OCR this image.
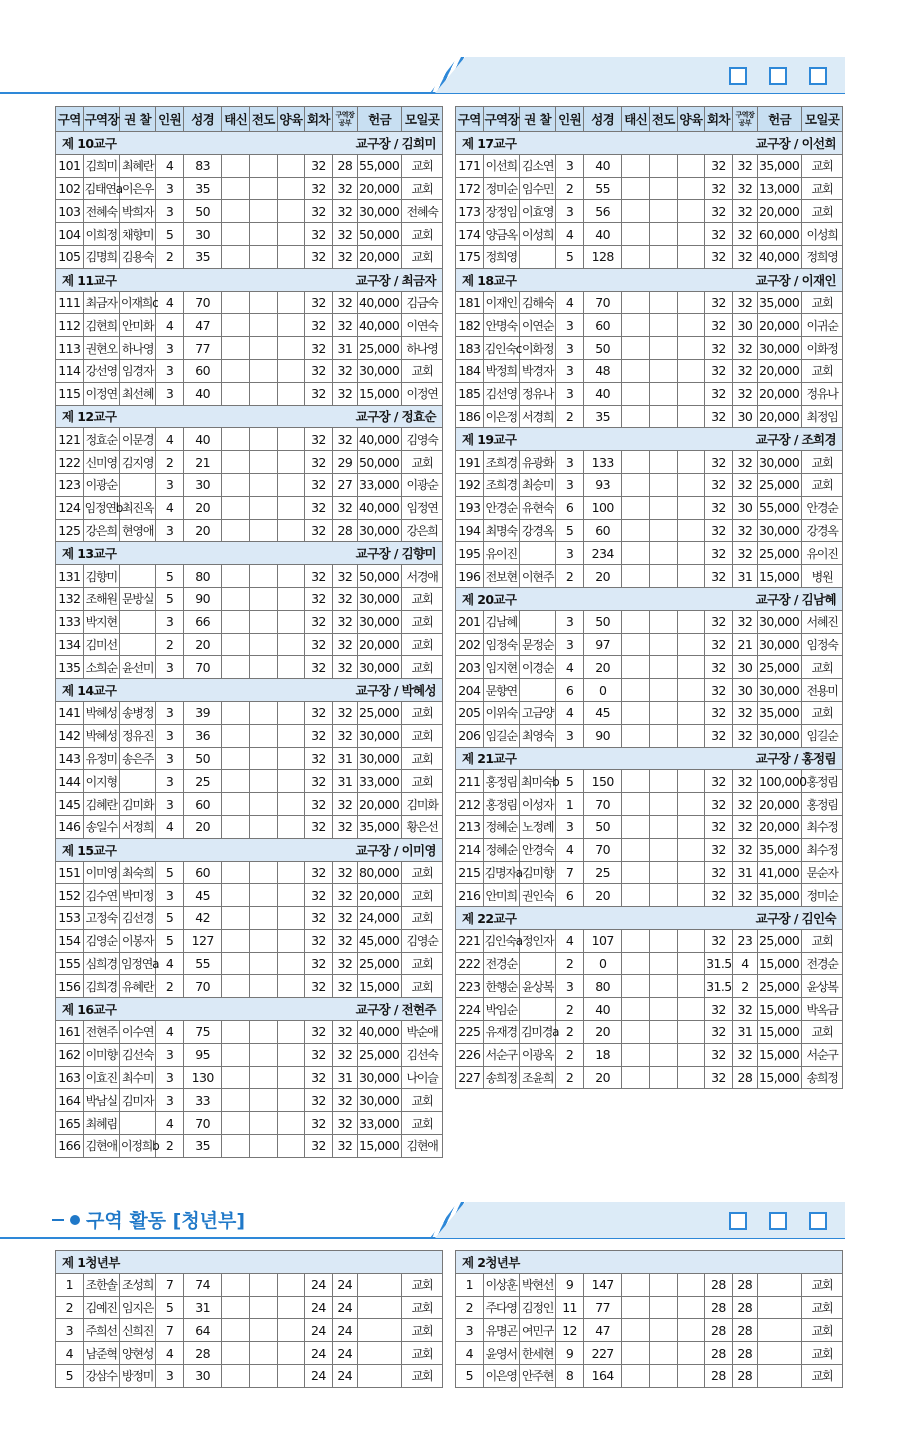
구역	구역장	권 찰	인원	성경	태신	전도	양육	회차	구역장 공부	헌금	모일곳

제 10교구 교구장 / 김희미											

101	김희미	최혜란	4	83				32	28	55,000	교회
102	김태연a	이은우	3	35				32	32	20,000	교회
103	전혜숙	박희자	3	50				32	32	30,000	전혜숙
104	이희정	채향미	5	30				32	32	50,000	교회
105	김명희	김용숙	2	35				32	32	20,000	교회

제 11교구 교구장 / 최금자											

111	최금자	이재희c	4	70				32	32	40,000	김금숙
112	김현희	안미화	4	47				32	32	40,000	이연숙
113	권현오	하나영	3	77				32	31	25,000	하나영
114	강선영	임경자	3	60				32	32	30,000	교회
115	이정연	최선혜	3	40				32	32	15,000	이정연

제 12교구 교구장 / 정효순											

121	정효순	이문경	4	40				32	32	40,000	김영숙
122	신미영	김지영	2	21				32	29	50,000	교회
123	이광순		3	30				32	27	33,000	이광순
124	임정연b	최진옥	4	20				32	32	40,000	임정연
125	강은희	현영애	3	20				32	28	30,000	강은희

제 13교구 교구장 / 김향미											

131	김향미		5	80				32	32	50,000	서경애
132	조해원	문방실	5	90				32	32	30,000	교회
133	박지현		3	66				32	32	30,000	교회
134	김미선		2	20				32	32	20,000	교회
135	소희순	윤선미	3	70				32	32	30,000	교회

제 14교구 교구장 / 박혜성											

141	박혜성	송병정	3	39				32	32	25,000	교회
142	박혜성	정유진	3	36				32	32	30,000	교회
143	유정미	송은주	3	50				32	31	30,000	교회
144	이지형		3	25				32	31	33,000	교회
145	김혜란	김미화	3	60				32	32	20,000	김미화
146	송일수	서정희	4	20				32	32	35,000	황은선

제 15교구 교구장 / 이미영											

151	이미영	최숙희	5	60				32	32	80,000	교회
152	김수연	박미정	3	45				32	32	20,000	교회
153	고정숙	김선경	5	42				32	32	24,000	교회
154	김영순	이봉자	5	127				32	32	45,000	김영순
155	심희경	임정연a	4	55				32	32	25,000	교회
156	김희경	유혜란	2	70				32	32	15,000	교회

제 16교구 교구장 / 전현주											

161	전현주	이수연	4	75				32	32	40,000	박순애
162	이미향	김선숙	3	95				32	32	25,000	김선숙
163	이효진	최수미	3	130				32	31	30,000	나이슬
164	박남실	김미자	3	33				32	32	30,000	교회
165	최혜림		4	70				32	32	33,000	교회
166	김현애	이정희b	2	35				32	32	15,000	김현애
구역	구역장	권 찰	인원	성경	태신	전도	양육	회차	구역장 공부	헌금	모일곳

제 17교구 교구장 / 이선희											

171	이선희	김소연	3	40				32	32	35,000	교회
172	정미순	임수민	2	55				32	32	13,000	교회
173	장정임	이효영	3	56				32	32	20,000	교회
174	양금옥	이성희	4	40				32	32	60,000	이성희
175	정희영		5	128				32	32	40,000	정희영

제 18교구 교구장 / 이재인											

181	이재인	김해숙	4	70				32	32	35,000	교회
182	안명숙	이연순	3	60				32	30	20,000	이귀순
183	김인숙c	이화정	3	50				32	32	30,000	이화정
184	박정희	박경자	3	48				32	32	20,000	교회
185	김선영	정유나	3	40				32	32	20,000	정유나
186	이은정	서경희	2	35				32	30	20,000	최정임

제 19교구 교구장 / 조희경											

191	조희경	유광화	3	133				32	32	30,000	교회
192	조희경	최승미	3	93				32	32	25,000	교회
193	안경순	유현숙	6	100				32	30	55,000	안경순
194	최명숙	강경옥	5	60				32	32	30,000	강경옥
195	유이진		3	234				32	32	25,000	유이진
196	전보현	이현주	2	20				32	31	15,000	병원

제 20교구 교구장 / 김남혜											

201	김남혜		3	50				32	32	30,000	서혜진
202	임정숙	문정순	3	97				32	21	30,000	임정숙
203	임지현	이경순	4	20				32	30	25,000	교회
204	문향연		6	0				32	30	30,000	전용미
205	이위숙	고금양	4	45				32	32	35,000	교회
206	임길순	최영숙	3	90				32	32	30,000	임길순

제 21교구 교구장 / 홍정림											

211	홍정림	최미숙b	5	150				32	32	100,000	홍정림
212	홍정림	이성자	1	70				32	32	20,000	홍정림
213	정혜순	노정례	3	50				32	32	20,000	최수정
214	정혜순	안경숙	4	70				32	32	35,000	최수정
215	김명자a	김미향	7	25				32	31	41,000	문순자
216	안미희	권인숙	6	20				32	32	35,000	정미순

제 22교구 교구장 / 김인숙											

221	김인숙a	정인자	4	107				32	23	25,000	교회
222	전경순		2	0				31.5	4	15,000	전경순
223	한행순	윤상복	3	80				31.5	2	25,000	윤상복
224	박임순		2	40				32	32	15,000	박옥금
225	유재경	김미경a	2	20				32	31	15,000	교회
226	서순구	이광옥	2	18				32	32	15,000	서순구
227	송희정	조윤희	2	20				32	28	15,000	송희정
구역 활동 [청년부]
제 1청년부											

1	조한솔	조성희	7	74				24	24		교회
2	김예진	임지은	5	31				24	24		교회
3	주희선	신희진	7	64				24	24		교회
4	남준혁	양현성	4	28				24	24		교회
5	강삼수	방정미	3	30				24	24		교회
제 2청년부											

1	이상훈	박현선	9	147				28	28		교회
2	주다영	김정인	11	77				28	28		교회
3	유명곤	여민구	12	47				28	28		교회
4	윤영서	한세현	9	227				28	28		교회
5	이은영	안주현	8	164				28	28		교회
